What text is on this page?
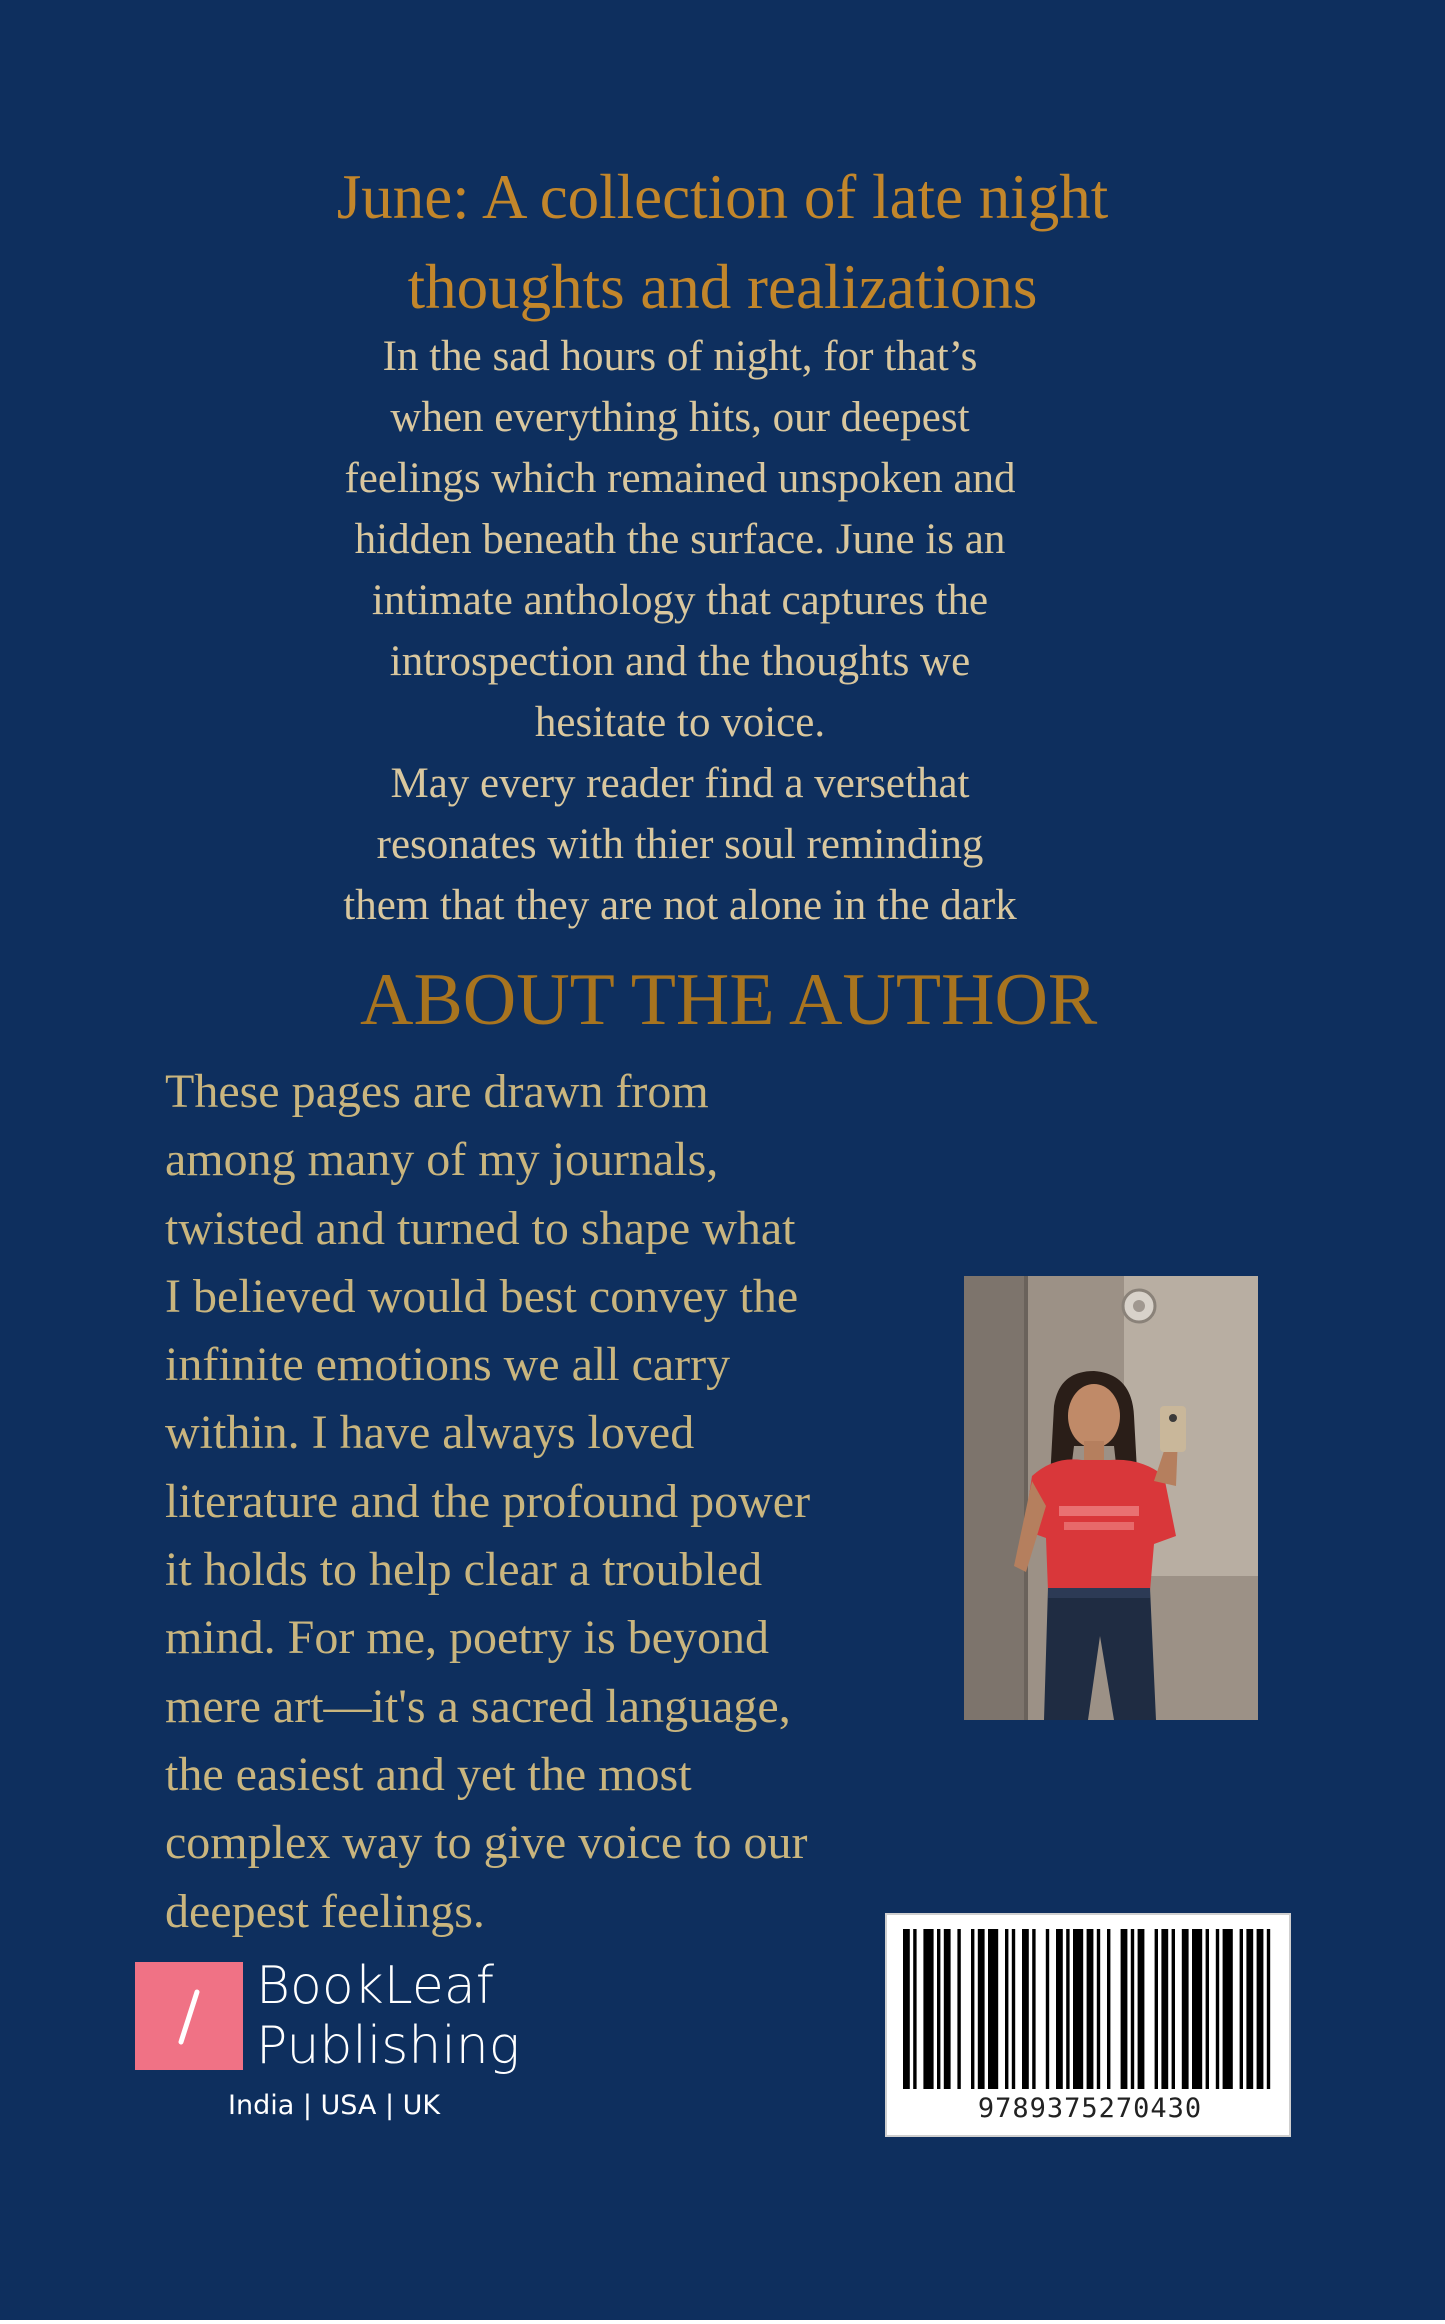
June: A collection of late night
thoughts and realizations
In the sad hours of night, for that’s
when everything hits, our deepest
feelings which remained unspoken and
hidden beneath the surface. June is an
intimate anthology that captures the
introspection and the thoughts we
hesitate to voice.
May every reader find a versethat
resonates with thier soul reminding
them that they are not alone in the dark
ABOUT THE AUTHOR
These pages are drawn from
among many of my journals,
twisted and turned to shape what
I believed would best convey the
infinite emotions we all carry
within. I have always loved
literature and the profound power
it holds to help clear a troubled
mind. For me, poetry is beyond
mere art—it's a sacred language,
the easiest and yet the most
complex way to give voice to our
deepest feelings.
9789375270430
BookLeaf
Publishing
India | USA | UK
